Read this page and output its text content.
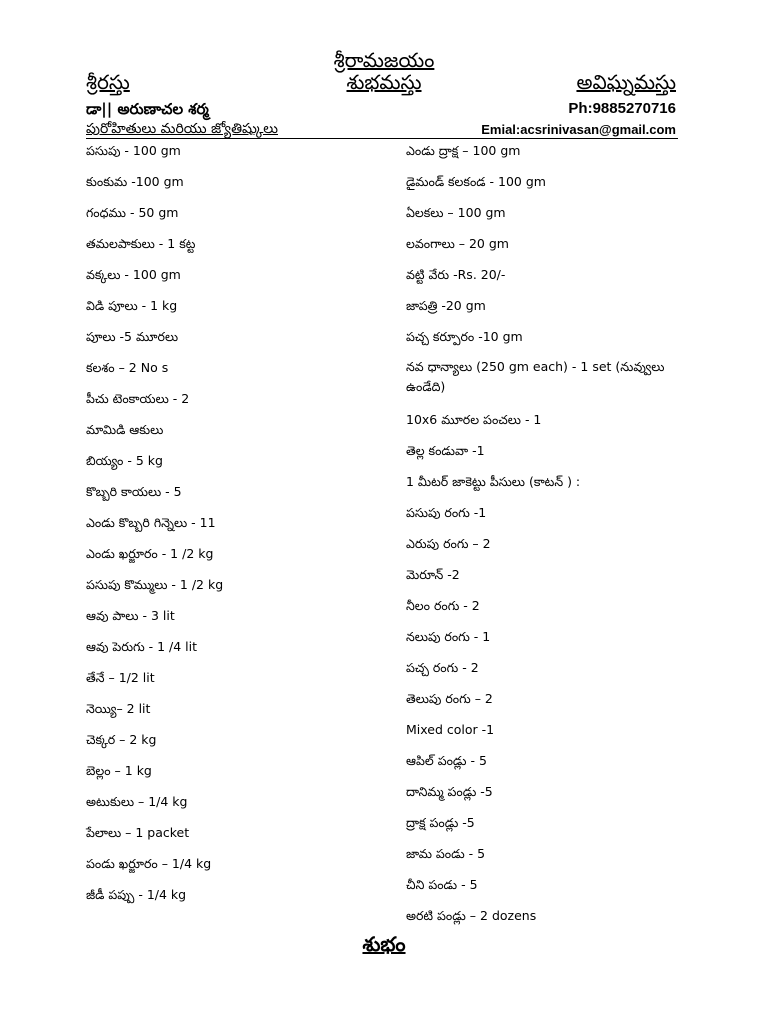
శ్రీరామజయం
శ్రీరస్తు	శుభమస్తు	అవిఘ్నమస్తు
డా|| అరుణాచల శర్మ	Ph:9885270716
పురోహితులు మరియు జ్యోతిష్కులు	Emial:acsrinivasan@gmail.com
పసుపు - 100 gm
కుంకుమ -100 gm
గంధము - 50 gm
తమలపాకులు - 1 కట్ట
వక్కలు - 100 gm
విడి పూలు - 1 kg
పూలు -5 మూరలు
కలశం – 2 No s
పీచు టెంకాయలు - 2
మామిడి ఆకులు
బియ్యం - 5 kg
కొబ్బరి కాయలు - 5
ఎండు కొబ్బరి గిన్నెలు - 11
ఎండు ఖర్జూరం - 1 /2 kg
పసుపు కొమ్ములు - 1 /2 kg
ఆవు పాలు - 3 lit
ఆవు పెరుగు - 1 /4 lit
తేనే – 1/2 lit
నెయ్యి– 2 lit
చెక్కర – 2 kg
బెల్లం – 1 kg
అటుకులు – 1/4 kg
పేలాలు – 1 packet
పండు ఖర్జూరం – 1/4 kg
జీడీ పప్పు - 1/4 kg
ఎండు ద్రాక్ష – 100 gm
డైమండ్ కలకండ - 100 gm
ఏలకలు – 100 gm
లవంగాలు – 20 gm
వట్టి వేరు -Rs. 20/-
జాపత్రి -20 gm
పచ్చ కర్పూరం -10 gm
నవ ధాన్యాలు (250 gm each) - 1 set (నువ్వులు ఉండేది)
10x6 మూరల పంచలు - 1
తెల్ల కండువా -1
1 మీటర్ జాకెట్టు పీసులు (కాటన్ ) :
పసుపు రంగు -1
ఎరుపు రంగు – 2
మెరూన్ -2
నీలం రంగు - 2
నలుపు రంగు - 1
పచ్చ రంగు - 2
తెలుపు రంగు – 2
Mixed color -1
ఆపిల్ పండ్లు - 5
దానిమ్మ పండ్లు -5
ద్రాక్ష పండ్లు -5
జామ పండు - 5
చీని పండు - 5
అరటి పండ్లు – 2 dozens
శుభం
